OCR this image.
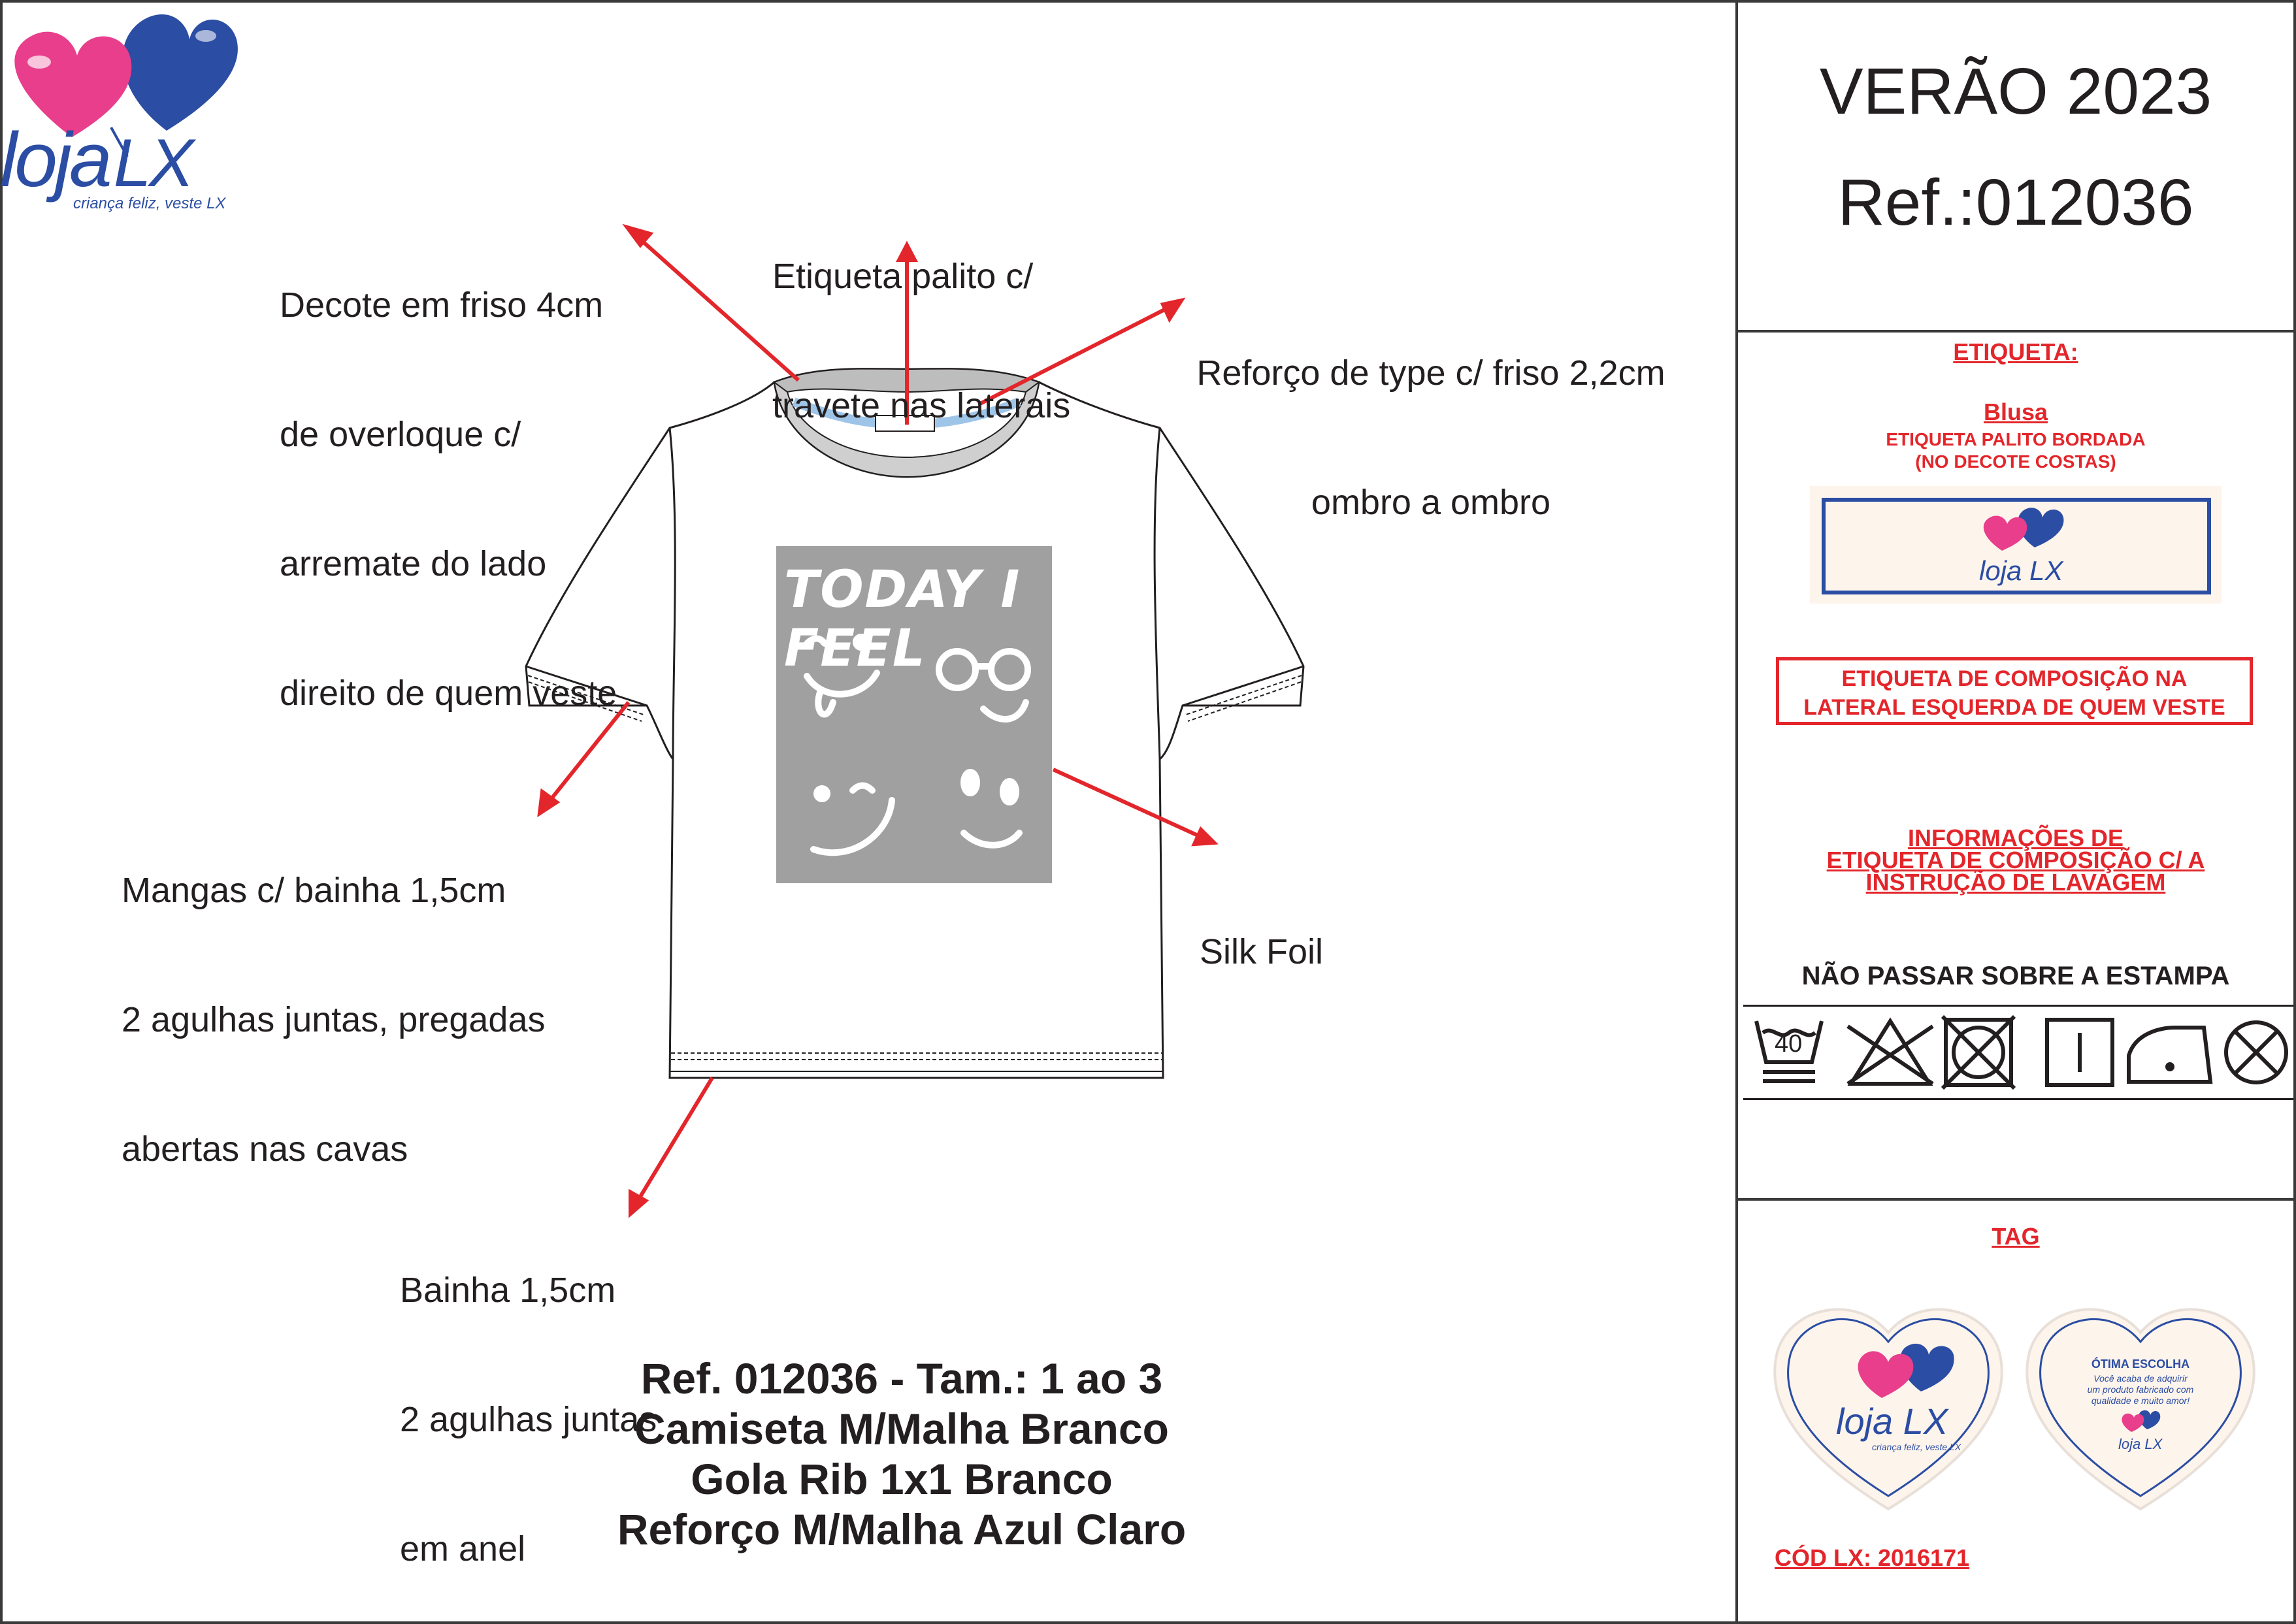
lojaLX
criança feliz, veste LX
VERÃO 2023
Ref.:012036
TODAY I FEEL

Decote em friso 4cm

de overloque c/

arremate do lado

direito de quem veste

Etiqueta palito c/

travete nas laterais

Reforço de type c/ friso 2,2cm

ombro a ombro

Mangas c/ bainha 1,5cm

2 agulhas juntas, pregadas

abertas nas cavas

Silk Foil

Bainha 1,5cm

2 agulhas juntas

em anel

Ref. 012036 - Tam.: 1 ao 3
Camiseta M/Malha Branco
Gola Rib 1x1 Branco
Reforço M/Malha Azul Claro
ETIQUETA:
Blusa
ETIQUETA PALITO BORDADA
(NO DECOTE COSTAS)
loja LX
ETIQUETA DE COMPOSIÇÃO NA
LATERAL ESQUERDA DE QUEM VESTE
INFORMAÇÕES DE
ETIQUETA DE COMPOSIÇÃO C/ A
INSTRUÇÃO DE LAVAGEM
NÃO PASSAR SOBRE A ESTAMPA
40
TAG
loja LX
criança feliz, veste LX	loja LX
ÓTIMA ESCOLHA
Você acaba de adquirir
um produto fabricado com
qualidade e muito amor!
CÓD LX: 2016171
